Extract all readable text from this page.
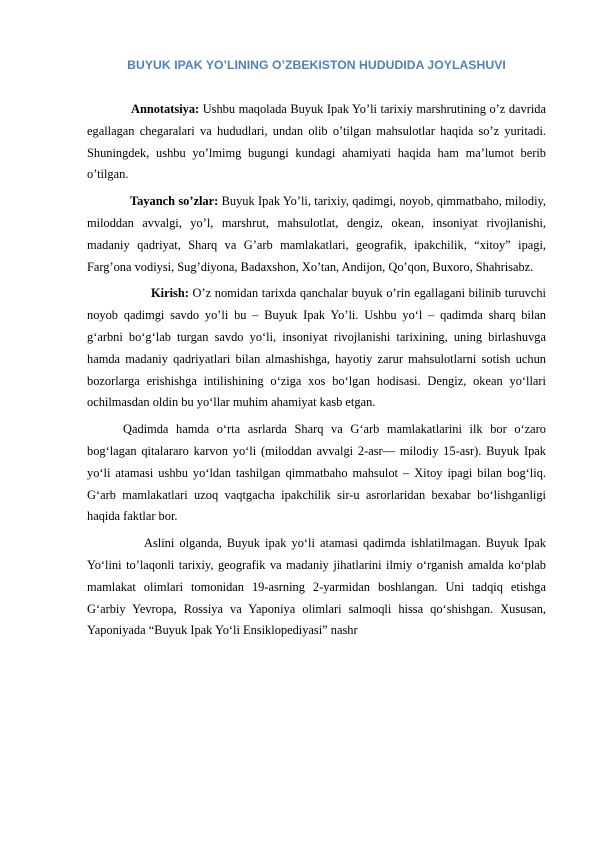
BUYUK IPAK YO’LINING O’ZBEKISTON HUDUDIDA JOYLASHUVI

Annotatsiya: Ushbu maqolada Buyuk Ipak Yo’li tarixiy marshrutining o’z davrida egallagan chegaralari va hududlari, undan olib o’tilgan mahsulotlar haqida so’z yuritadi. Shuningdek, ushbu yo’lmimg bugungi kundagi ahamiyati haqida ham ma’lumot berib o’tilgan.

Tayanch so’zlar: Buyuk Ipak Yo’li, tarixiy, qadimgi, noyob, qimmatbaho, milodiy, miloddan avvalgi, yo’l, marshrut, mahsulotlat, dengiz, okean, insoniyat rivojlanishi, madaniy qadriyat, Sharq va G’arb mamlakatlari, geografik, ipakchilik, “xitoy” ipagi, Farg’ona vodiysi, Sug’diyona, Badaxshon, Xo’tan, Andijon, Qo’qon, Buxoro, Shahrisabz.

Kirish: O’z nomidan tarixda qanchalar buyuk o’rin egallagani bilinib turuvchi noyob qadimgi savdo yo’li bu – Buyuk Ipak Yo’li. Ushbu yo‘l – qadimda sharq bilan g‘arbni bo‘g‘lab turgan savdo yo‘li, insoniyat rivojlanishi tarixining, uning birlashuvga hamda madaniy qadriyatlari bilan almashishga, hayotiy zarur mahsulotlarni sotish uchun bozorlarga erishishga intilishining o‘ziga xos bo‘lgan hodisasi. Dengiz, okean yo‘llari ochilmasdan oldin bu yo‘llar muhim ahamiyat kasb etgan.

Qadimda hamda o‘rta asrlarda Sharq va G‘arb mamlakatlarini ilk bor o‘zaro bog‘lagan qitalararo karvon yo‘li (miloddan avvalgi 2-asr— milodiy 15-asr). Buyuk Ipak yo‘li atamasi ushbu yo‘ldan tashilgan qimmatbaho mahsulot – Xitoy ipagi bilan bog‘liq. G‘arb mamlakatlari uzoq vaqtgacha ipakchilik sir-u asrorlaridan bexabar bo‘lishganligi haqida faktlar bor.

Aslini olganda, Buyuk ipak yo‘li atamasi qadimda ishlatilmagan. Buyuk Ipak Yo‘lini to’laqonli tarixiy, geografik va madaniy jihatlarini ilmiy o‘rganish amalda ko‘plab mamlakat olimlari tomonidan 19-asrning 2-yarmidan boshlangan. Uni tadqiq etishga G‘arbiy Yevropa, Rossiya va Yaponiya olimlari salmoqli hissa qo‘shishgan. Xususan, Yaponiyada “Buyuk Ipak Yo‘li Ensiklopediyasi” nashr
